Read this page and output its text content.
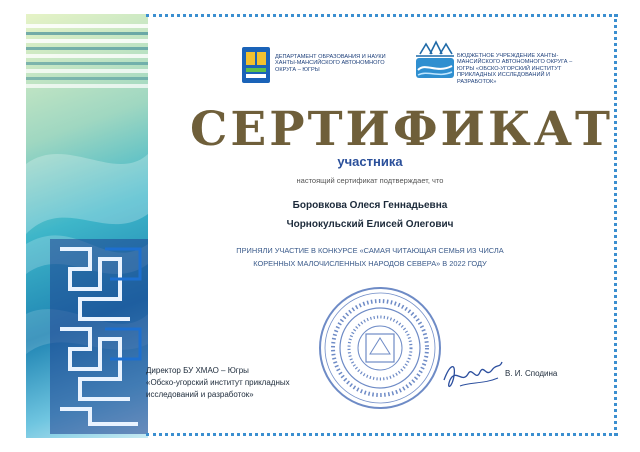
ДЕПАРТАМЕНТ ОБРАЗОВАНИЯ И НАУКИ ХАНТЫ-МАНСИЙСКОГО АВТОНОМНОГО ОКРУГА – ЮГРЫ
БЮДЖЕТНОЕ УЧРЕЖДЕНИЕ ХАНТЫ-МАНСИЙСКОГО АВТОНОМНОГО ОКРУГА – ЮГРЫ «ОБСКО-УГОРСКИЙ ИНСТИТУТ ПРИКЛАДНЫХ ИССЛЕДОВАНИЙ И РАЗРАБОТОК»
СЕРТИФИКАТ
участника
настоящий сертификат подтверждает, что
Боровкова Олеся Геннадьевна
Чорнокульский Елисей Олегович
ПРИНЯЛИ УЧАСТИЕ В КОНКУРСЕ «САМАЯ ЧИТАЮЩАЯ СЕМЬЯ ИЗ ЧИСЛА
КОРЕННЫХ МАЛОЧИСЛЕННЫХ НАРОДОВ СЕВЕРА» В 2022 ГОДУ
Директор БУ ХМАО – Югры
«Обско-угорский институт прикладных
исследований и разработок»
В. И. Сподина
